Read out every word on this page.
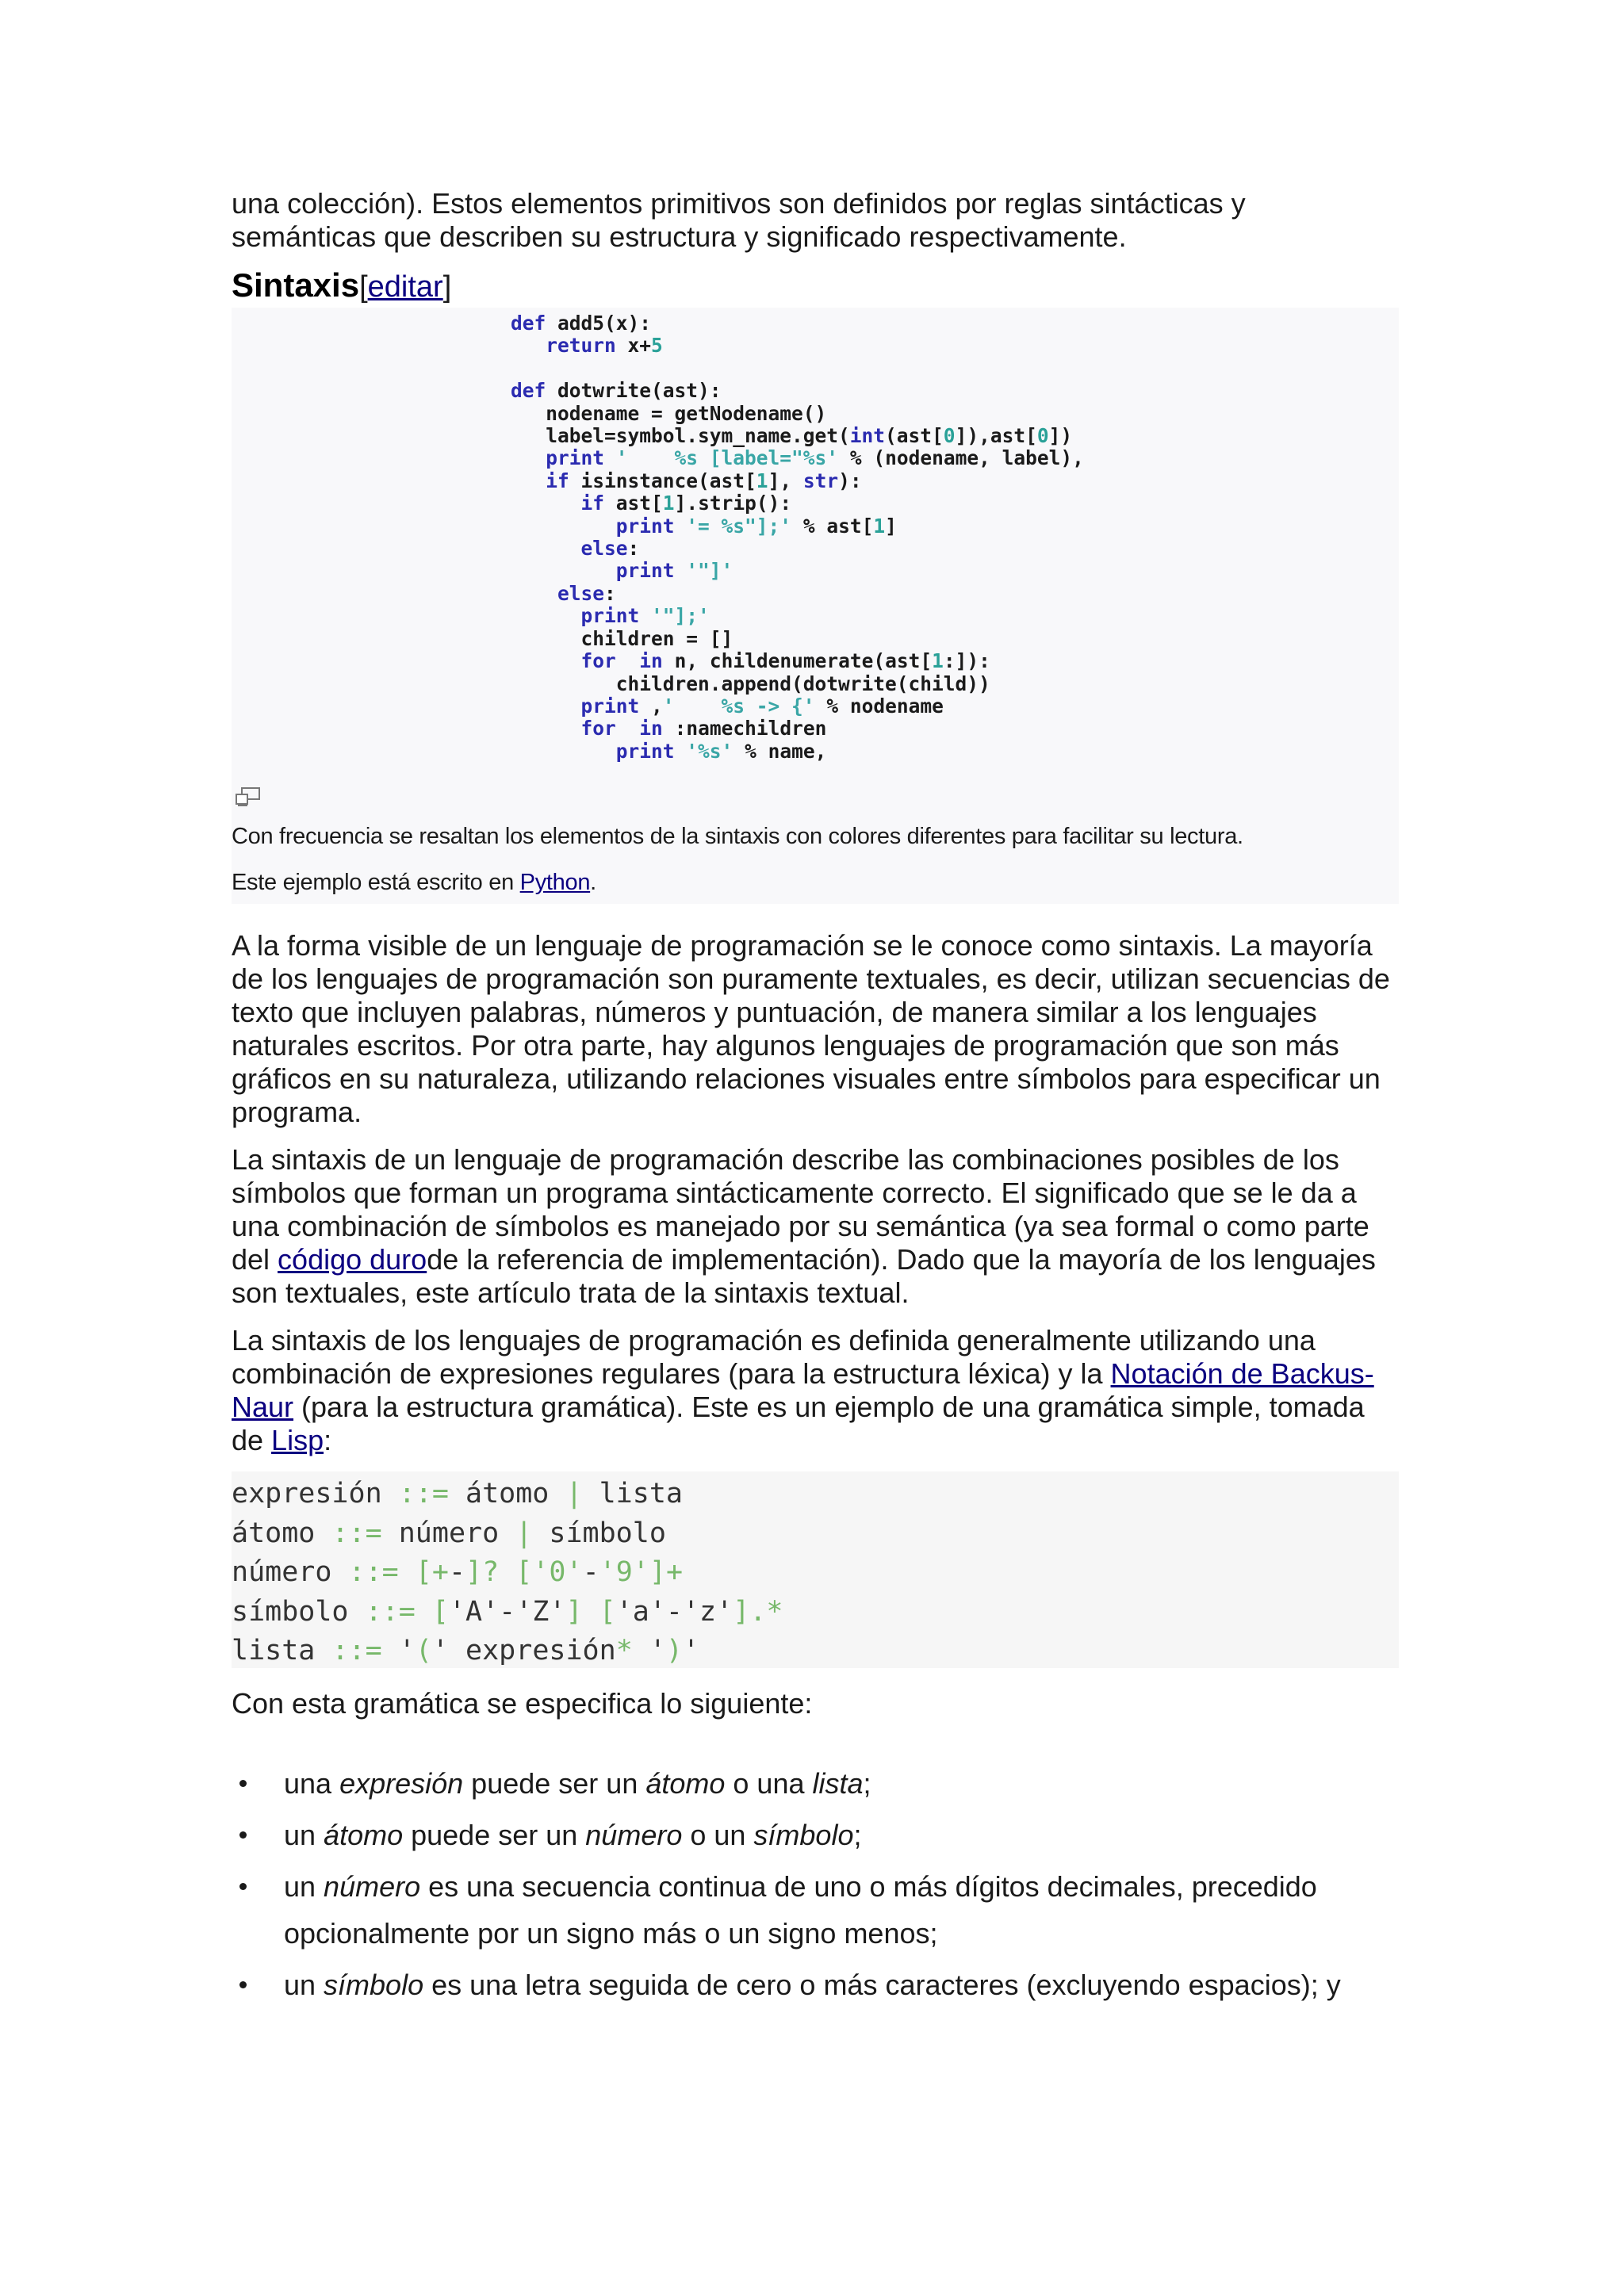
una colección). Estos elementos primitivos son definidos por reglas sintácticas y

semánticas que describen su estructura y significado respectivamente.

Sintaxis[editar]
def add5(x):
return x+5

def dotwrite(ast):
nodename = getNodename()
label=symbol.sym_name.get(int(ast[0]),ast[0])
print '    %s [label="%s' % (nodename, label),
if isinstance(ast[1], str):
if ast[1].strip():
print '= %s"];' % ast[1]
else:
print '"]'
else:
print '"];'
children = []
for in n, childenumerate(ast[1:]):
children.append(dotwrite(child))
print ,'    %s -> {' % nodename
for in :namechildren
print '%s' % name,
Con frecuencia se resaltan los elementos de la sintaxis con colores diferentes para facilitar su lectura.
Este ejemplo está escrito en Python.

A la forma visible de un lenguaje de programación se le conoce como sintaxis. La mayoría de los lenguajes de programación son puramente textuales, es decir, utilizan secuencias de texto que incluyen palabras, números y puntuación, de manera similar a los lenguajes naturales escritos. Por otra parte, hay algunos lenguajes de programación que son más gráficos en su naturaleza, utilizando relaciones visuales entre símbolos para especificar un programa.

La sintaxis de un lenguaje de programación describe las combinaciones posibles de los símbolos que forman un programa sintácticamente correcto. El significado que se le da a una combinación de símbolos es manejado por su semántica (ya sea formal o como parte del código durode la referencia de implementación). Dado que la mayoría de los lenguajes son textuales, este artículo trata de la sintaxis textual.

La sintaxis de los lenguajes de programación es definida generalmente utilizando una combinación de expresiones regulares (para la estructura léxica) y la Notación de Backus-Naur (para la estructura gramática). Este es un ejemplo de una gramática simple, tomada de Lisp:

expresión ::= átomo | lista
átomo ::= número | símbolo
número ::= [+-]? ['0'-'9']+
símbolo ::= ['A'-'Z'] ['a'-'z'].*
lista ::= '(' expresión* ')'

Con esta gramática se especifica lo siguiente:

una expresión puede ser un átomo o una lista;
un átomo puede ser un número o un símbolo;
un número es una secuencia continua de uno o más dígitos decimales, precedido opcionalmente por un signo más o un signo menos;
un símbolo es una letra seguida de cero o más caracteres (excluyendo espacios); y
